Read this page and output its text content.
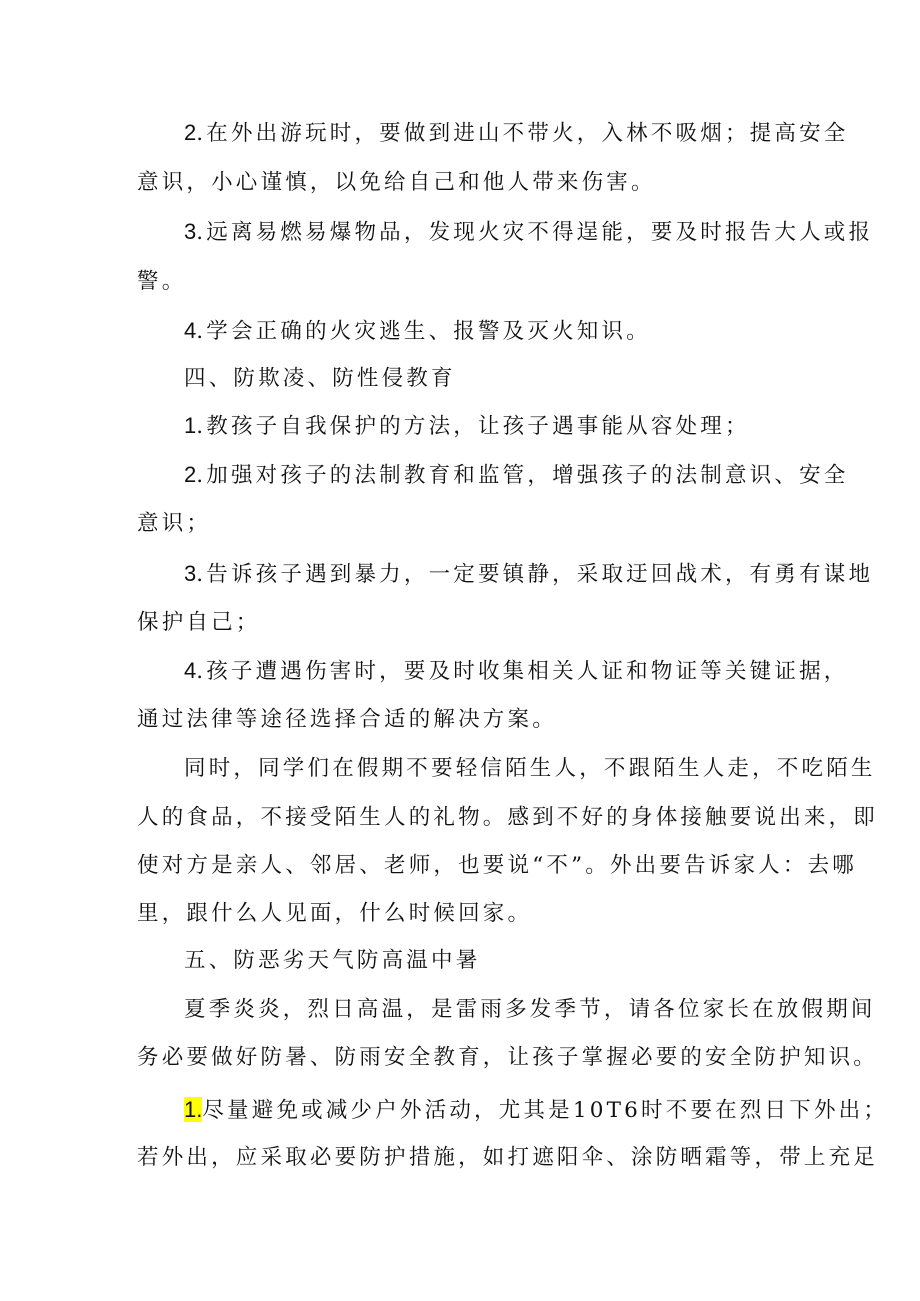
2.在外出游玩时，要做到进山不带火，入林不吸烟；提高安全
意识，小心谨慎，以免给自己和他人带来伤害。
3.远离易燃易爆物品，发现火灾不得逞能，要及时报告大人或报
警。
4.学会正确的火灾逃生、报警及灭火知识。
四、防欺凌、防性侵教育
1.教孩子自我保护的方法，让孩子遇事能从容处理；
2.加强对孩子的法制教育和监管，增强孩子的法制意识、安全
意识；
3.告诉孩子遇到暴力，一定要镇静，采取迂回战术，有勇有谋地
保护自己；
4.孩子遭遇伤害时，要及时收集相关人证和物证等关键证据，
通过法律等途径选择合适的解决方案。
同时，同学们在假期不要轻信陌生人，不跟陌生人走，不吃陌生
人的食品，不接受陌生人的礼物。感到不好的身体接触要说出来，即
使对方是亲人、邻居、老师，也要说“不”。外出要告诉家人：去哪
里，跟什么人见面，什么时候回家。
五、防恶劣天气防高温中暑
夏季炎炎，烈日高温，是雷雨多发季节，请各位家长在放假期间
务必要做好防暑、防雨安全教育，让孩子掌握必要的安全防护知识。
1.尽量避免或减少户外活动，尤其是10T6时不要在烈日下外出；
若外出，应采取必要防护措施，如打遮阳伞、涂防晒霜等，带上充足
